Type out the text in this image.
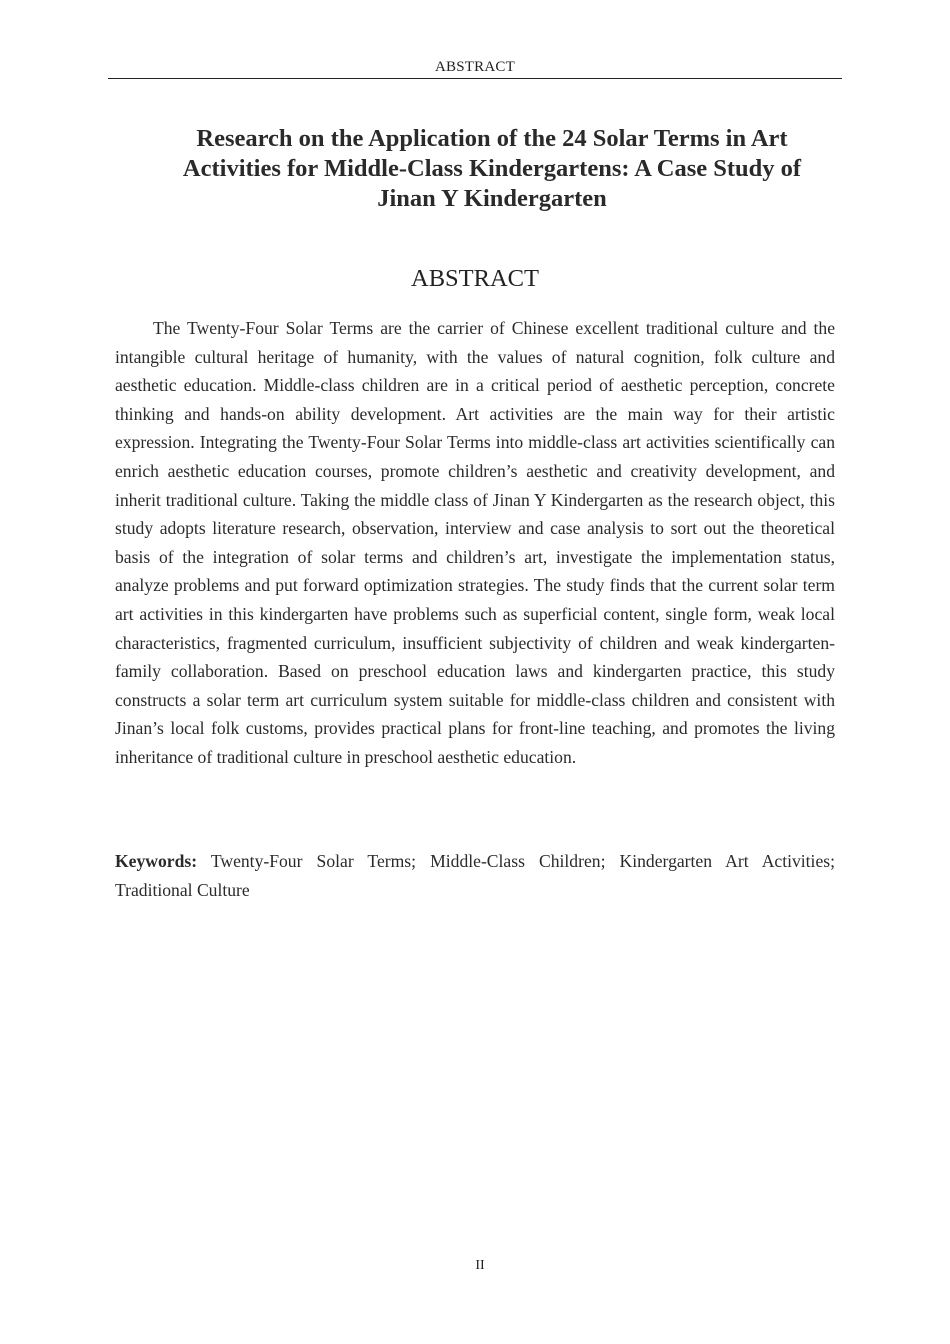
ABSTRACT
Research on the Application of the 24 Solar Terms in Art Activities for Middle-Class Kindergartens: A Case Study of Jinan Y Kindergarten
ABSTRACT

The Twenty-Four Solar Terms are the carrier of Chinese excellent traditional culture and the intangible cultural heritage of humanity, with the values of natural cognition, folk culture and aesthetic education. Middle-class children are in a critical period of aesthetic perception, concrete thinking and hands-on ability development. Art activities are the main way for their artistic expression. Integrating the Twenty-Four Solar Terms into middle-class art activities scientifically can enrich aesthetic education courses, promote children’s aesthetic and creativity development, and inherit traditional culture. Taking the middle class of Jinan Y Kindergarten as the research object, this study adopts literature research, observation, interview and case analysis to sort out the theoretical basis of the integration of solar terms and children’s art, investigate the implementation status, analyze problems and put forward optimization strategies. The study finds that the current solar term art activities in this kindergarten have problems such as superficial content, single form, weak local characteristics, fragmented curriculum, insufficient subjectivity of children and weak kindergarten-family collaboration. Based on preschool education laws and kindergarten practice, this study constructs a solar term art curriculum system suitable for middle-class children and consistent with Jinan’s local folk customs, provides practical plans for front-line teaching, and promotes the living inheritance of traditional culture in preschool aesthetic education.

Keywords: Twenty-Four Solar Terms; Middle-Class Children; Kindergarten Art Activities; Traditional Culture

II
